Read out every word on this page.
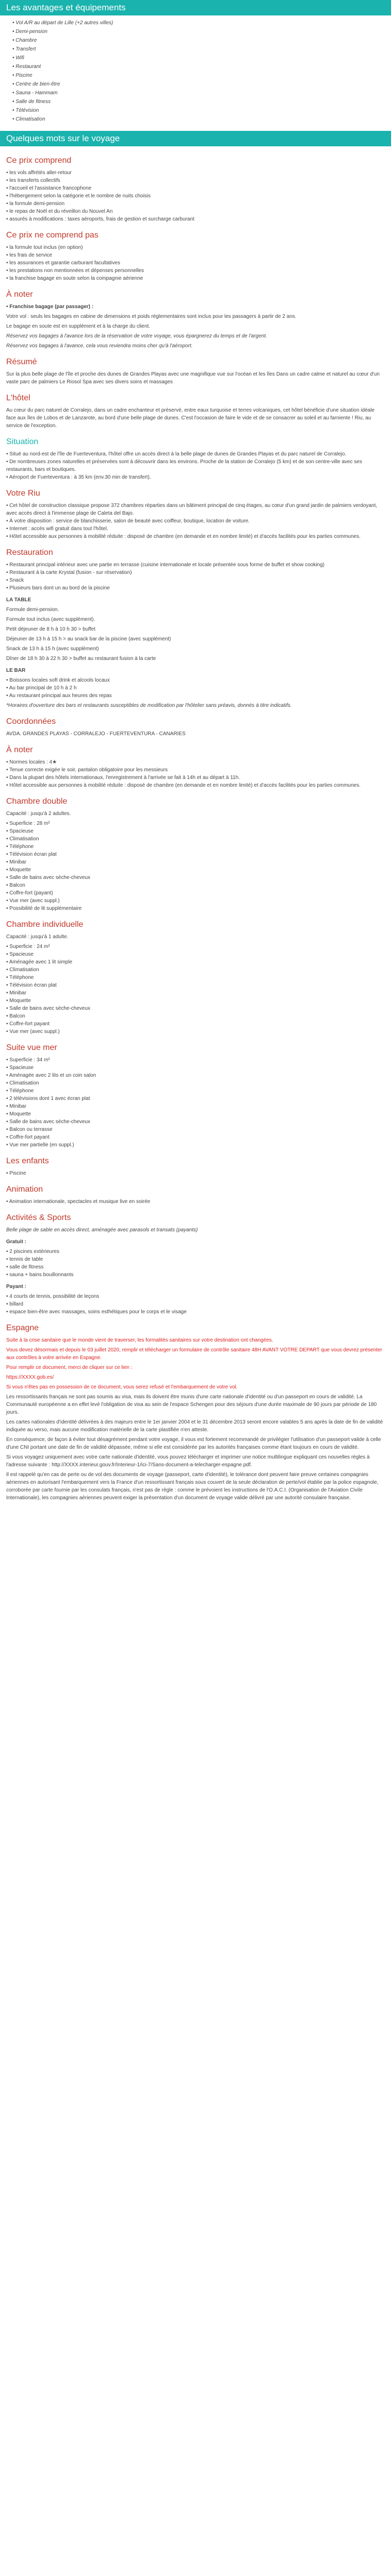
Les avantages et équipements
• Vol A/R au départ de Lille (+2 autres villes)
• Demi-pension
• Chambre
• Transfert
• Wifi
• Restaurant
• Piscine
• Centre de bien-être
• Sauna - Hammam
• Salle de fitness
• Télévision
• Climatisation
Quelques mots sur le voyage
Ce prix comprend
• les vols affrétés aller-retour
• les transferts collectifs
• l'accueil et l'assistance francophone
• l'hébergement selon la catégorie et le nombre de nuits choisis
• la formule demi-pension
• le repas de Noël et du réveillon du Nouvel An
• assurés à modifications : taxes aéroports, frais de gestion et surcharge carburant
Ce prix ne comprend pas
• la formule tout inclus (en option)
• les frais de service
• les assurances et garantie carburant facultatives
• les prestations non mentionnées et dépenses personnelles
• la franchise bagage en soute selon la compagnie aérienne
À noter

• Franchise bagage (par passager) :

Votre vol : seuls les bagages en cabine de dimensions et poids réglementaires sont inclus pour les passagers à partir de 2 ans.

Le bagage en soute est en supplément et à la charge du client.

Réservez vos bagages à l'avance lors de la réservation de votre voyage, vous épargnerez du temps et de l'argent.

Réservez vos bagages à l'avance, cela vous reviendra moins cher qu'à l'aéroport.

Résumé

Sur la plus belle plage de l'île et proche des dunes de Grandes Playas avec une magnifique vue sur l'océan et les îles Dans un cadre calme et naturel au cœur d'un vaste parc de palmiers Le Riosol Spa avec ses divers soins et massages

L'hôtel

Au cœur du parc naturel de Corralejo, dans un cadre enchanteur et préservé, entre eaux turquoise et terres volcaniques, cet hôtel bénéficie d'une situation idéale face aux îles de Lobos et de Lanzarote, au bord d'une belle plage de dunes. C'est l'occasion de faire le vide et de se consacrer au soleil et au farniente ! Riu, au service de l'exception.

Situation
• Situé au nord-est de l'île de Fuerteventura, l'hôtel offre un accès direct à la belle plage de dunes de Grandes Playas et du parc naturel de Corralejo.
• De nombreuses zones naturelles et préservées sont à découvrir dans les environs. Proche de la station de Corralejo (5 km) et de son centre-ville avec ses restaurants, bars et boutiques.
• Aéroport de Fuerteventura : à 35 km (env.30 min de transfert).
Votre Riu
• Cet hôtel de construction classique propose 372 chambres réparties dans un bâtiment principal de cinq étages, au cœur d'un grand jardin de palmiers verdoyant, avec accès direct à l'immense plage de Caleta del Bajo.
• À votre disposition : service de blanchisserie, salon de beauté avec coiffeur, boutique, location de voiture.
• Internet : accès wifi gratuit dans tout l'hôtel.
• Hôtel accessible aux personnes à mobilité réduite : disposé de chambre (en demande et en nombre limité) et d'accès facilités pour les parties communes.
Restauration
• Restaurant principal intérieur avec une partie en terrasse (cuisine internationale et locale présentée sous forme de buffet et show cooking)
• Restaurant à la carte Krystal (fusion - sur réservation)
• Snack
• Plusieurs bars dont un au bord de la piscine

LA TABLE

Formule demi-pension.

Formule tout inclus (avec supplément).

Petit déjeuner de 8 h à 10 h 30 > buffet

Déjeuner de 13 h à 15 h > au snack bar de la piscine (avec supplément)

Snack de 13 h à 15 h (avec supplément)

Dîner de 18 h 30 à 22 h 30 > buffet au restaurant fusion à la carte

LE BAR

• Boissons locales soft drink et alcools locaux
• Au bar principal de 10 h à 2 h
• Au restaurant principal aux heures des repas

*Horaires d'ouverture des bars et restaurants susceptibles de modification par l'hôtelier sans préavis, donnés à titre indicatifs.

Coordonnées

AVDA. GRANDES PLAYAS - CORRALEJO - FUERTEVENTURA - CANARIES

À noter
• Normes locales : 4★
• Tenue correcte exigée le soir, pantalon obligatoire pour les messieurs
• Dans la plupart des hôtels internationaux, l'enregistrement à l'arrivée se fait à 14h et au départ à 11h.
• Hôtel accessible aux personnes à mobilité réduite : disposé de chambre (en demande et en nombre limité) et d'accès facilités pour les parties communes.
Chambre double

Capacité : jusqu'à 2 adultes.

• Superficie : 28 m²
• Spacieuse
• Climatisation
• Téléphone
• Télévision écran plat
• Minibar
• Moquette
• Salle de bains avec sèche-cheveux
• Balcon
• Coffre-fort (payant)
• Vue mer (avec suppl.)
• Possibilité de lit supplémentaire
Chambre individuelle

Capacité : jusqu'à 1 adulte.

• Superficie : 24 m²
• Spacieuse
• Aménagée avec 1 lit simple
• Climatisation
• Téléphone
• Télévision écran plat
• Minibar
• Moquette
• Salle de bains avec sèche-cheveux
• Balcon
• Coffre-fort payant
• Vue mer (avec suppl.)
Suite vue mer
• Superficie : 34 m²
• Spacieuse
• Aménagée avec 2 lits et un coin salon
• Climatisation
• Téléphone
• 2 télévisions dont 1 avec écran plat
• Minibar
• Moquette
• Salle de bains avec sèche-cheveux
• Balcon ou terrasse
• Coffre-fort payant
• Vue mer partielle (en suppl.)
Les enfants
• Piscine
Animation
• Animation internationale, spectacles et musique live en soirée
Activités & Sports

Belle plage de sable en accès direct, aménagée avec parasols et transats (payants)

Gratuit :

• 2 piscines extérieures
• tennis de table
• salle de fitness
• sauna + bains bouillonnants

Payant :

• 4 courts de tennis, possibilité de leçons
• billard
• espace bien-être avec massages, soins esthétiques pour le corps et le visage
Espagne

Suite à la crise sanitaire que le monde vient de traverser, les formalités sanitaires sur votre destination ont changées.

Vous devez désormais et depuis le 03 juillet 2020, remplir et télécharger un formulaire de contrôle sanitaire 48H AVANT VOTRE DEPART que vous devrez présenter aux contrôles à votre arrivée en Espagne.

Pour remplir ce document, merci de cliquer sur ce lien :

https://XXXX.gob.es/

Si vous n'êtes pas en possession de ce document, vous serez refusé et l'embarquement de votre vol.

Les ressortissants français ne sont pas soumis au visa, mais ils doivent être munis d'une carte nationale d'identité ou d'un passeport en cours de validité. La Communauté européenne a en effet levé l'obligation de visa au sein de l'espace Schengen pour des séjours d'une durée maximale de 90 jours par période de 180 jours.

Les cartes nationales d'identité délivrées à des majeurs entre le 1er janvier 2004 et le 31 décembre 2013 seront encore valables 5 ans après la date de fin de validité indiquée au verso, mais aucune modification matérielle de la carte plastifiée n'en atteste.

En conséquence, de façon à éviter tout désagrément pendant votre voyage, il vous est fortement recommandé de privilégier l'utilisation d'un passeport valide à celle d'une CNI portant une date de fin de validité dépassée, même si elle est considérée par les autorités françaises comme étant toujours en cours de validité.

Si vous voyagez uniquement avec votre carte nationale d'identité, vous pouvez télécharger et imprimer une notice multilingue expliquant ces nouvelles règles à l'adresse suivante : http://XXXX.interieur.gouv.fr/Interieur-1/ici-7/Sans-document-a-telecharger-espagne.pdf.

Il est rappelé qu'en cas de perte ou de vol des documents de voyage (passeport, carte d'identité), le tolérance dont peuvent faire preuve certaines compagnies aériennes en autorisant l'embarquement vers la France d'un ressortissant français sous couvert de la seule déclaration de perte/vol établie par la police espagnole, corroborée par carte fournie par les consulats français, n'est pas de règle : comme le prévoient les instructions de l'O.A.C.I. (Organisation de l'Aviation Civile Internationale), les compagnies aériennes peuvent exiger la présentation d'un document de voyage valide délivré par une autorité consulaire française.
